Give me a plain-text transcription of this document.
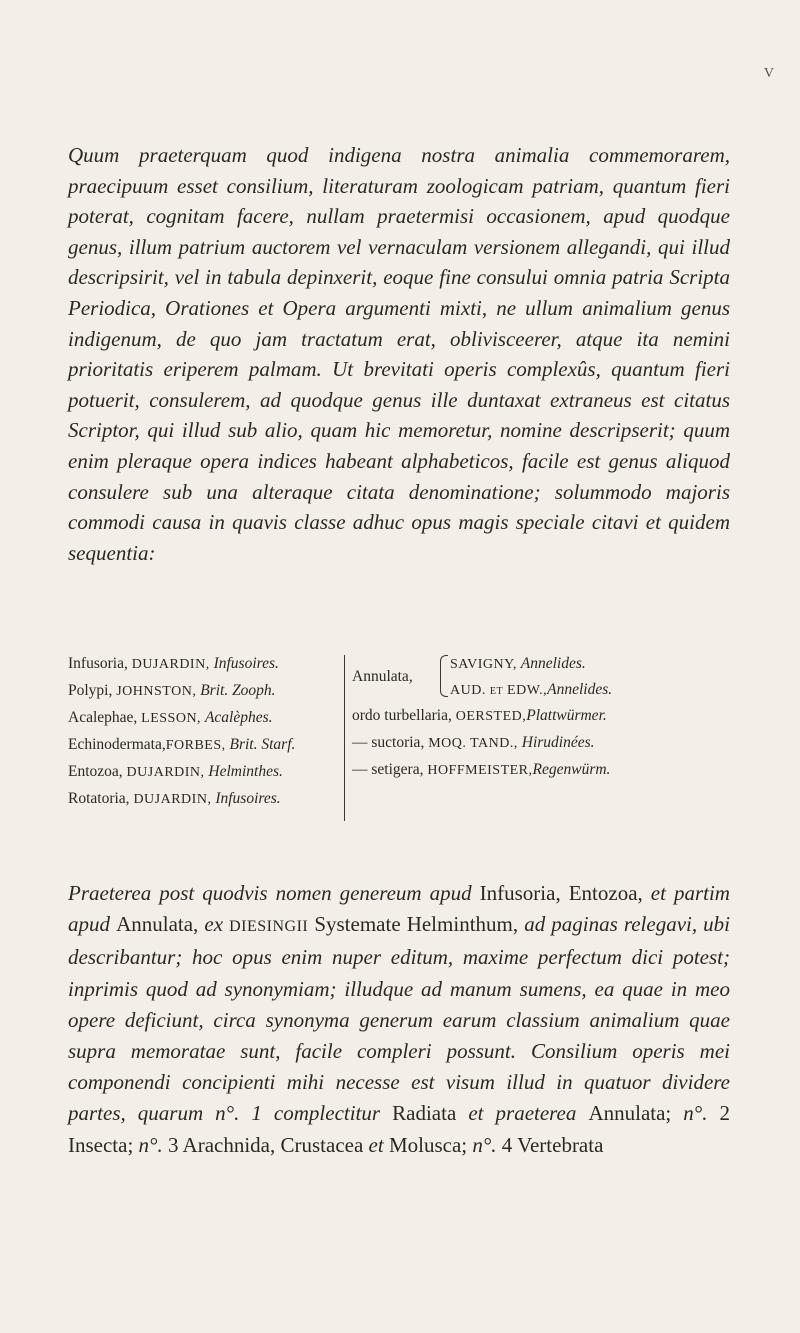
V

Quum praeterquam quod indigena nostra animalia commemorarem, praecipuum esset consilium, literaturam zoologicam patriam, quantum fieri poterat, cognitam facere, nullam praetermisi occasionem, apud quodque genus, illum patrium auctorem vel vernaculam versionem allegandi, qui illud descripsirit, vel in tabula depinxerit, eoque fine consului omnia patria Scripta Periodica, Orationes et Opera argumenti mixti, ne ullum animalium genus indigenum, de quo jam tractatum erat, oblivisceerer, atque ita nemini prioritatis eriperem palmam. Ut brevitati operis complexûs, quantum fieri potuerit, consulerem, ad quodque genus ille duntaxat extraneus est citatus Scriptor, qui illud sub alio, quam hic memoretur, nomine descripserit; quum enim pleraque opera indices habeant alphabeticos, facile est genus aliquod consulere sub una alteraque citata denominatione; solummodo majoris commodi causa in quavis classe adhuc opus magis speciale citavi et quidem sequentia:

Infusoria, DUJARDIN, Infusoires.
Polypi, JOHNSTON, Brit. Zooph.
Acalephae, LESSON, Acalèphes.
Echinodermata,FORBES, Brit. Starf.
Entozoa, DUJARDIN, Helminthes.
Rotatoria, DUJARDIN, Infusoires.
Annulata,
SAVIGNY, Annelides.
AUD. et EDW.,Annelides.
ordo turbellaria, OERSTED,Plattwürmer.
— suctoria, MOQ. TAND., Hirudinées.
— setigera, HOFFMEISTER,Regenwürm.

Praeterea post quodvis nomen genereum apud Infusoria, Entozoa, et partim apud Annulata, ex DIESINGII Systemate Helminthum, ad paginas relegavi, ubi describantur; hoc opus enim nuper editum, maxime perfectum dici potest; inprimis quod ad synonymiam; illudque ad manum sumens, ea quae in meo opere deficiunt, circa synonyma generum earum classium animalium quae supra memoratae sunt, facile compleri possunt. Consilium operis mei componendi concipienti mihi necesse est visum illud in quatuor dividere partes, quarum n°. 1 complectitur Radiata et praeterea Annulata; n°. 2 Insecta; n°. 3 Arachnida, Crustacea et Molusca; n°. 4 Vertebrata
